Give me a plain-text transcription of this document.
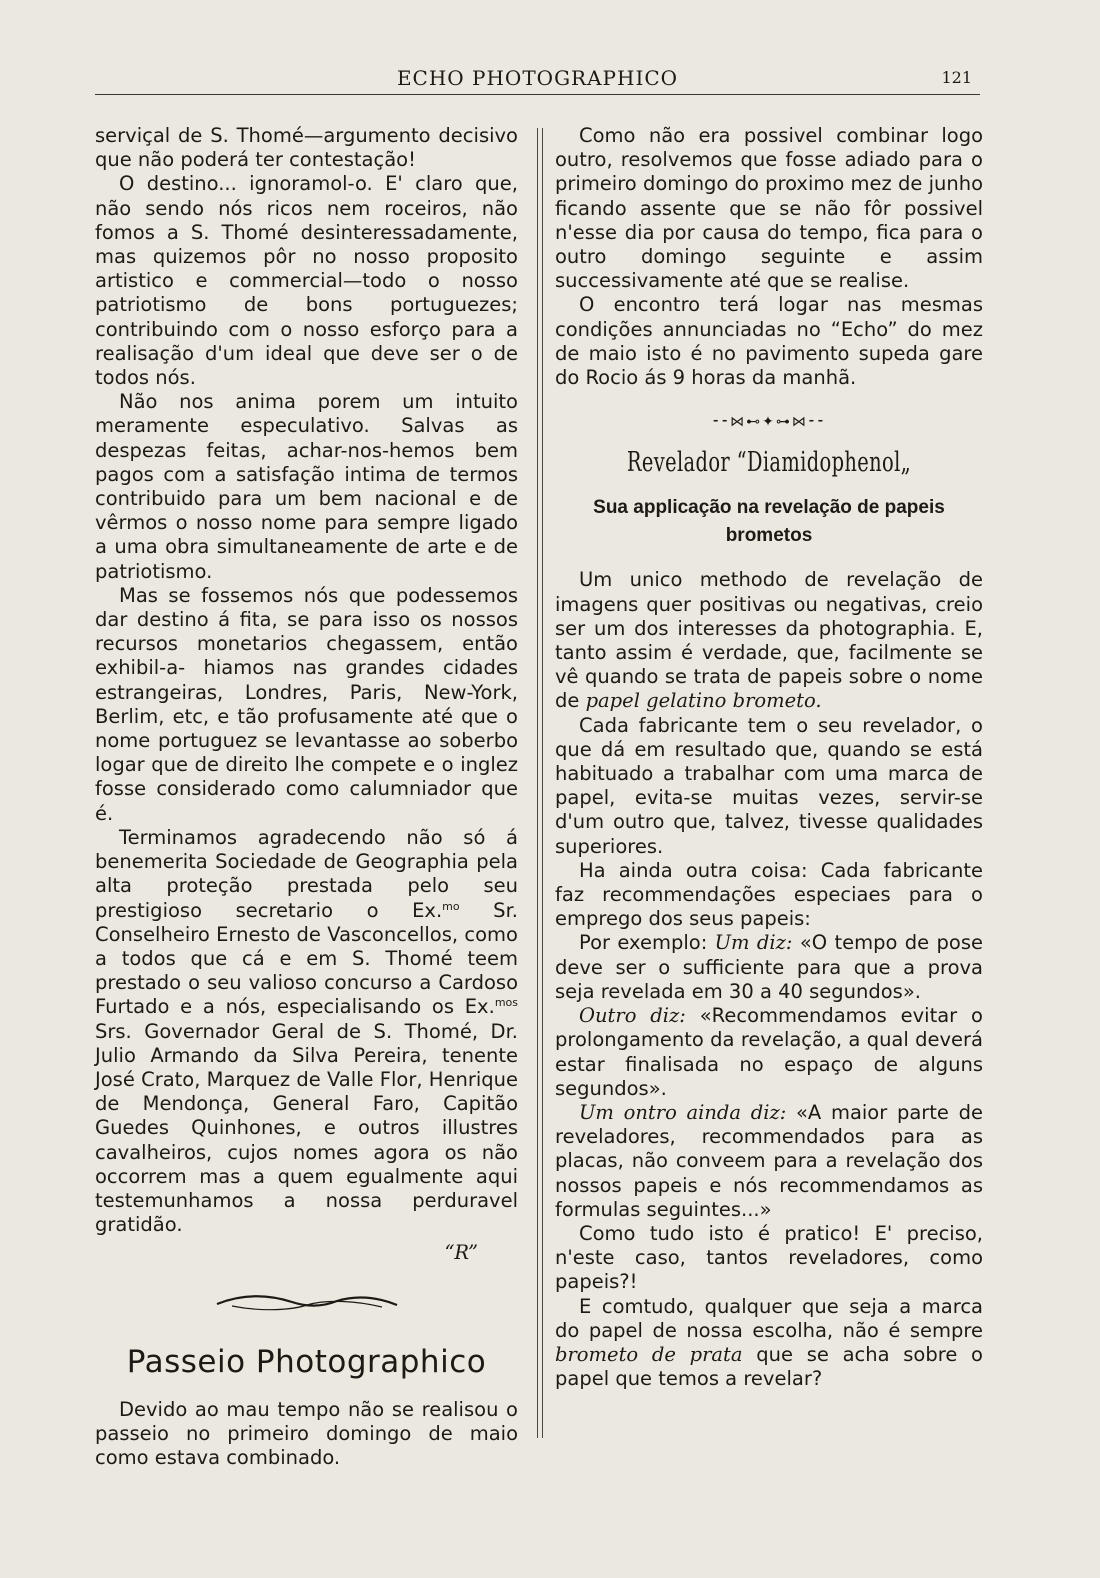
ECHO PHOTOGRAPHICO	121

serviçal de S. Thomé—argumento decisivo que não poderá ter contestação!

O destino... ignoramol-o. E' claro que, não sendo nós ricos nem roceiros, não fomos a S. Thomé desinteressadamente, mas quizemos pôr no nosso proposito artistico e commercial—todo o nosso patriotismo de bons portuguezes; contribuindo com o nosso esforço para a realisação d'um ideal que deve ser o de todos nós.

Não nos anima porem um intuito meramente especulativo. Salvas as despezas feitas, achar-nos-hemos bem pagos com a satisfação intima de termos contribuido para um bem nacional e de vêrmos o nosso nome para sempre ligado a uma obra simultaneamente de arte e de patriotismo.

Mas se fossemos nós que podessemos dar destino á fita, se para isso os nossos recursos monetarios chegassem, então exhibil-a- hiamos nas grandes cidades estrangeiras, Londres, Paris, New-York, Berlim, etc, e tão profusamente até que o nome portuguez se levantasse ao soberbo logar que de direito lhe compete e o inglez fosse considerado como calumniador que é.

Terminamos agradecendo não só á benemerita Sociedade de Geographia pela alta proteção prestada pelo seu prestigioso secretario o Ex.$^{mo}$ Sr. Conselheiro Ernesto de Vasconcellos, como a todos que cá e em S. Thomé teem prestado o seu valioso concurso a Cardoso Furtado e a nós, especialisando os Ex.$^{mos}$ Srs. Governador Geral de S. Thomé, Dr. Julio Armando da Silva Pereira, tenente José Crato, Marquez de Valle Flor, Henrique de Mendonça, General Faro, Capitão Guedes Quinhones, e outros illustres cavalheiros, cujos nomes agora os não occorrem mas a quem egualmente aqui testemunhamos a nossa perduravel gratidão.

“R”

Passeio Photographico

Devido ao mau tempo não se realisou o passeio no primeiro domingo de maio como estava combinado.

Como não era possivel combinar logo outro, resolvemos que fosse adiado para o primeiro domingo do proximo mez de junho ficando assente que se não fôr possivel n'esse dia por causa do tempo, fica para o outro domingo seguinte e assim successivamente até que se realise.

O encontro terá logar nas mesmas condições annunciadas no “Echo” do mez de maio isto é no pavimento supeda gare do Rocio ás 9 horas da manhã.

⁃⁃⋈⊷✦⊶⋈⁃⁃
Revelador “Diamidophenol„
Sua applicação na revelação de papeis brometos

Um unico methodo de revelação de imagens quer positivas ou negativas, creio ser um dos interesses da photographia. E, tanto assim é verdade, que, facilmente se vê quando se trata de papeis sobre o nome de papel gelatino brometo.

Cada fabricante tem o seu revelador, o que dá em resultado que, quando se está habituado a trabalhar com uma marca de papel, evita-se muitas vezes, servir-se d'um outro que, talvez, tivesse qualidades superiores.

Ha ainda outra coisa: Cada fabricante faz recommendações especiaes para o emprego dos seus papeis:

Por exemplo: Um diz: «O tempo de pose deve ser o sufficiente para que a prova seja revelada em 30 a 40 segundos».

Outro diz: «Recommendamos evitar o prolongamento da revelação, a qual deverá estar finalisada no espaço de alguns segundos».

Um ontro ainda diz: «A maior parte de reveladores, recommendados para as placas, não conveem para a revelação dos nossos papeis e nós recommendamos as formulas seguintes...»

Como tudo isto é pratico! E' preciso, n'este caso, tantos reveladores, como papeis?!

E comtudo, qualquer que seja a marca do papel de nossa escolha, não é sempre brometo de prata que se acha sobre o papel que temos a revelar?
